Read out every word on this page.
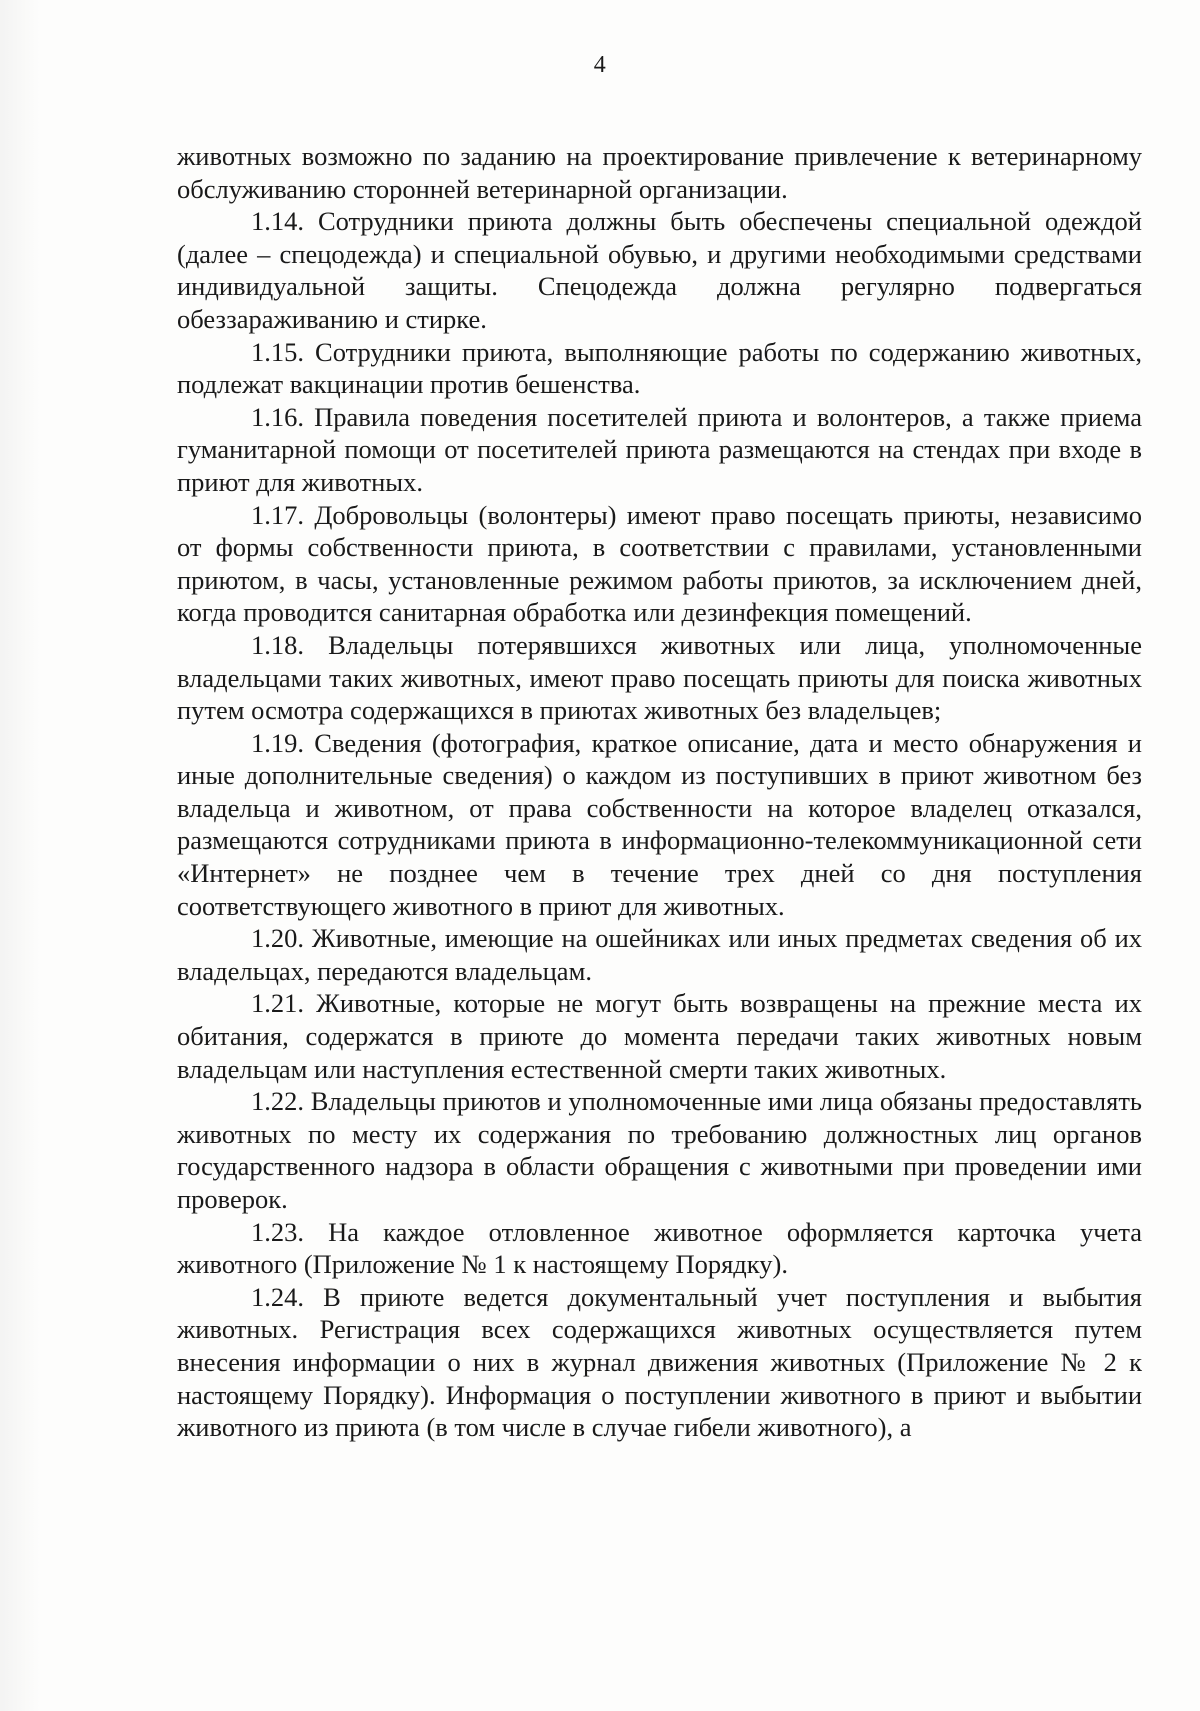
4

животных возможно по заданию на проектирование привлечение к ветеринарному обслуживанию сторонней ветеринарной организации.

1.14. Сотрудники приюта должны быть обеспечены специальной одеждой (далее – спецодежда) и специальной обувью, и другими необходимыми средствами индивидуальной защиты. Спецодежда должна регулярно подвергаться обеззараживанию и стирке.

1.15. Сотрудники приюта, выполняющие работы по содержанию животных, подлежат вакцинации против бешенства.

1.16. Правила поведения посетителей приюта и волонтеров, а также приема гуманитарной помощи от посетителей приюта размещаются на стендах при входе в приют для животных.

1.17. Добровольцы (волонтеры) имеют право посещать приюты, независимо от формы собственности приюта, в соответствии с правилами, установленными приютом, в часы, установленные режимом работы приютов, за исключением дней, когда проводится санитарная обработка или дезинфекция помещений.

1.18. Владельцы потерявшихся животных или лица, уполномоченные владельцами таких животных, имеют право посещать приюты для поиска животных путем осмотра содержащихся в приютах животных без владельцев;

1.19. Сведения (фотография, краткое описание, дата и место обнаружения и иные дополнительные сведения) о каждом из поступивших в приют животном без владельца и животном, от права собственности на которое владелец отказался, размещаются сотрудниками приюта в информационно-телекоммуникационной сети «Интернет» не позднее чем в течение трех дней со дня поступления соответствующего животного в приют для животных.

1.20. Животные, имеющие на ошейниках или иных предметах сведения об их владельцах, передаются владельцам.

1.21. Животные, которые не могут быть возвращены на прежние места их обитания, содержатся в приюте до момента передачи таких животных новым владельцам или наступления естественной смерти таких животных.

1.22. Владельцы приютов и уполномоченные ими лица обязаны предоставлять животных по месту их содержания по требованию должностных лиц органов государственного надзора в области обращения с животными при проведении ими проверок.

1.23. На каждое отловленное животное оформляется карточка учета животного (Приложение № 1 к настоящему Порядку).

1.24. В приюте ведется документальный учет поступления и выбытия животных. Регистрация всех содержащихся животных осуществляется путем внесения информации о них в журнал движения животных (Приложение № 2 к настоящему Порядку). Информация о поступлении животного в приют и выбытии животного из приюта (в том числе в случае гибели животного), а
